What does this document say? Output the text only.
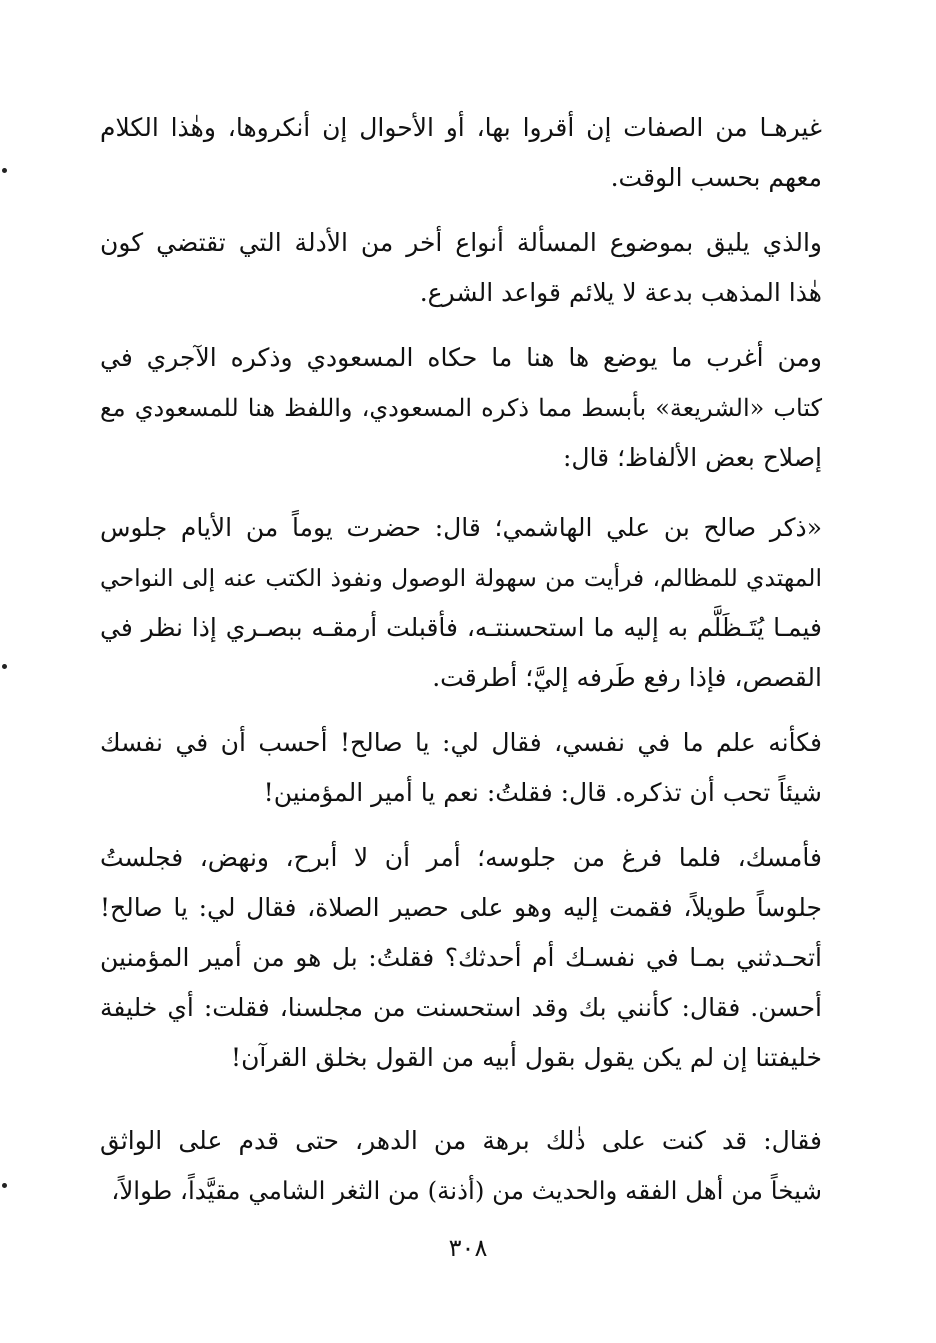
غيرهـا من الصفات إن أقروا بها، أو الأحوال إن أنكروها، وهٰذا الكلام
معهم بحسب الوقت.
والذي يليق بموضوع المسألة أنواع أخر من الأدلة التي تقتضي كون
هٰذا المذهب بدعة لا يلائم قواعد الشرع.
ومن أغرب ما يوضع ها هنا ما حكاه المسعودي وذكره الآجري في
كتاب «الشريعة» بأبسط مما ذكره المسعودي، واللفظ هنا للمسعودي مع
إصلاح بعض الألفاظ؛ قال:
«ذكر صالح بن علي الهاشمي؛ قال: حضرت يوماً من الأيام جلوس
المهتدي للمظالم، فرأيت من سهولة الوصول ونفوذ الكتب عنه إلى النواحي
فيمـا يُتَـظَلَّم به إليه ما استحسنتـه، فأقبلت أرمقـه ببصـري إذا نظر في
القصص، فإذا رفع طَرفه إليَّ؛ أطرقت.
فكأنه علم ما في نفسي، فقال لي: يا صالح! أحسب أن في نفسك
شيئاً تحب أن تذكره. قال: فقلتُ: نعم يا أمير المؤمنين!
فأمسك، فلما فرغ من جلوسه؛ أمر أن لا أبرح، ونهض، فجلستُ
جلوساً طويلاً، فقمت إليه وهو على حصير الصلاة، فقال لي: يا صالح!
أتحـدثني بمـا في نفسـك أم أحدثك؟ فقلتُ: بل هو من أمير المؤمنين
أحسن. فقال: كأنني بك وقد استحسنت من مجلسنا، فقلت: أي خليفة
خليفتنا إن لم يكن يقول بقول أبيه من القول بخلق القرآن!
فقال: قد كنت على ذٰلك برهة من الدهر، حتى قدم على الواثق
شيخاً من أهل الفقه والحديث من (أذنة) من الثغر الشامي مقيَّداً، طوالاً،
٣٠٨
